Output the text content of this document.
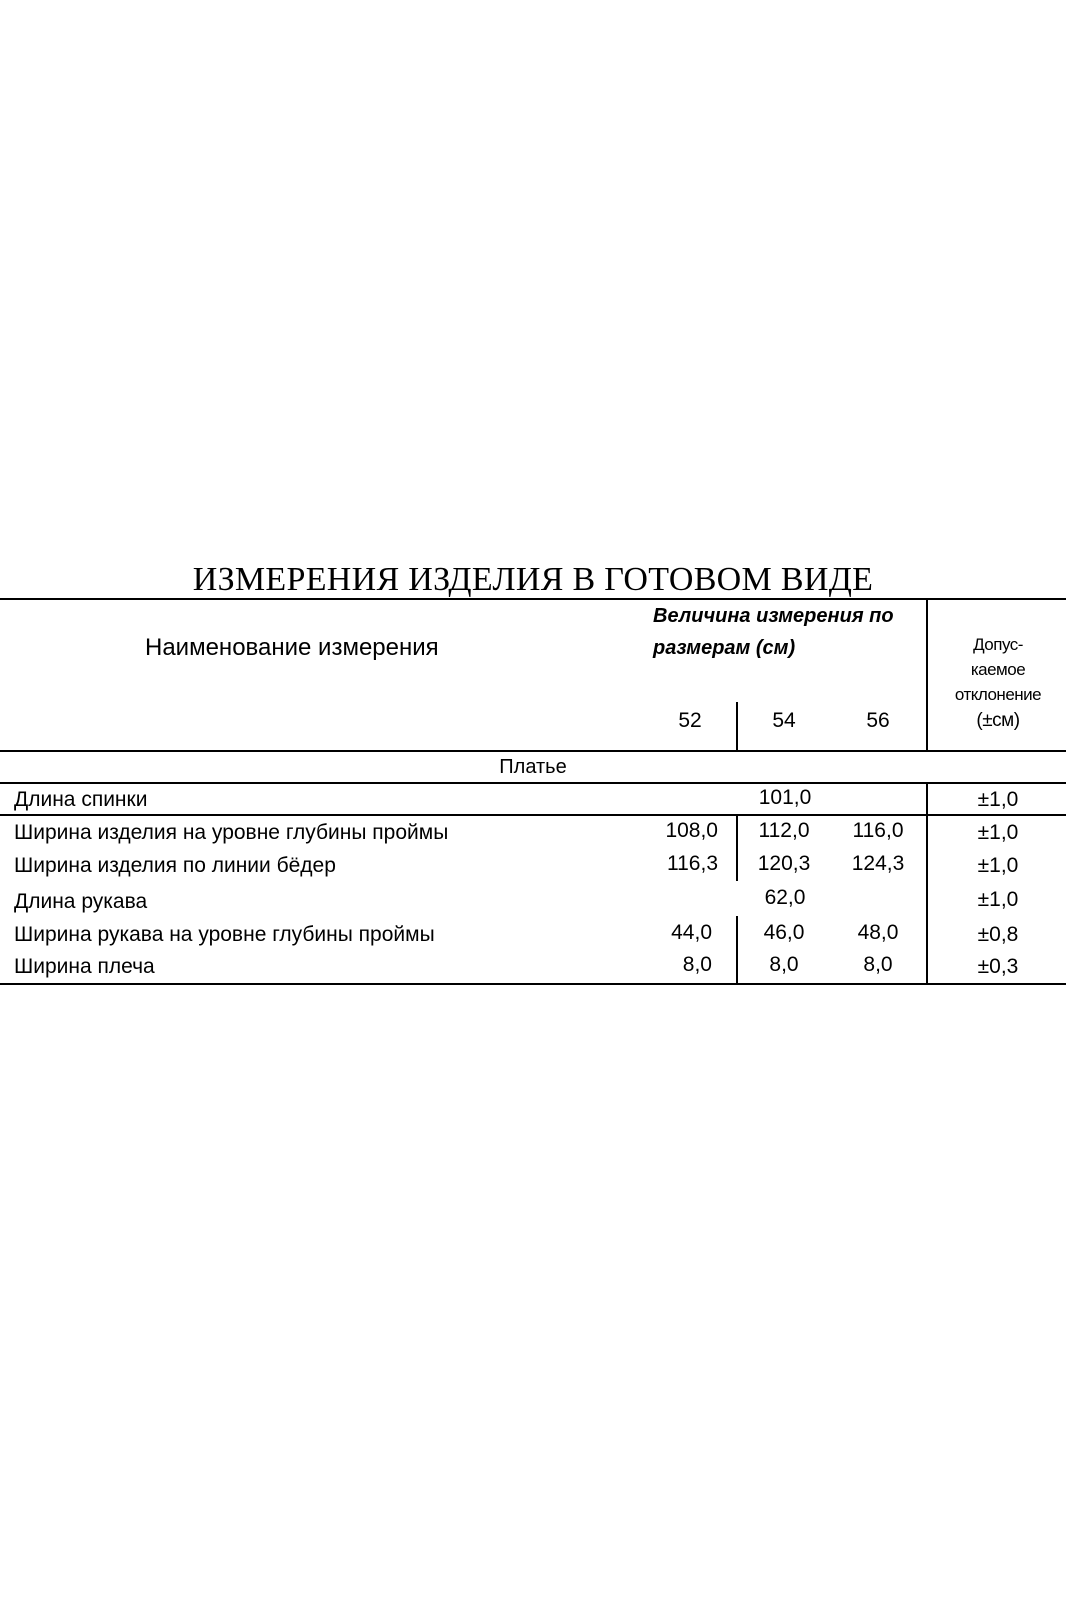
ИЗМЕРЕНИЯ ИЗДЕЛИЯ В ГОТОВОМ ВИДЕ
Наименование измерения
Величина измерения по
размерам (см)
52	54	56
Допус-
каемое
отклонение
(±см)
Платье
Длина спинки	101,0	±1,0
Ширина изделия на уровне глубины проймы	108,0	112,0	116,0	±1,0
Ширина изделия по линии бёдер	116,3	120,3	124,3	±1,0
Длина рукава	62,0	±1,0
Ширина рукава на уровне глубины проймы	44,0	46,0	48,0	±0,8
Ширина плеча	8,0	8,0	8,0	±0,3
